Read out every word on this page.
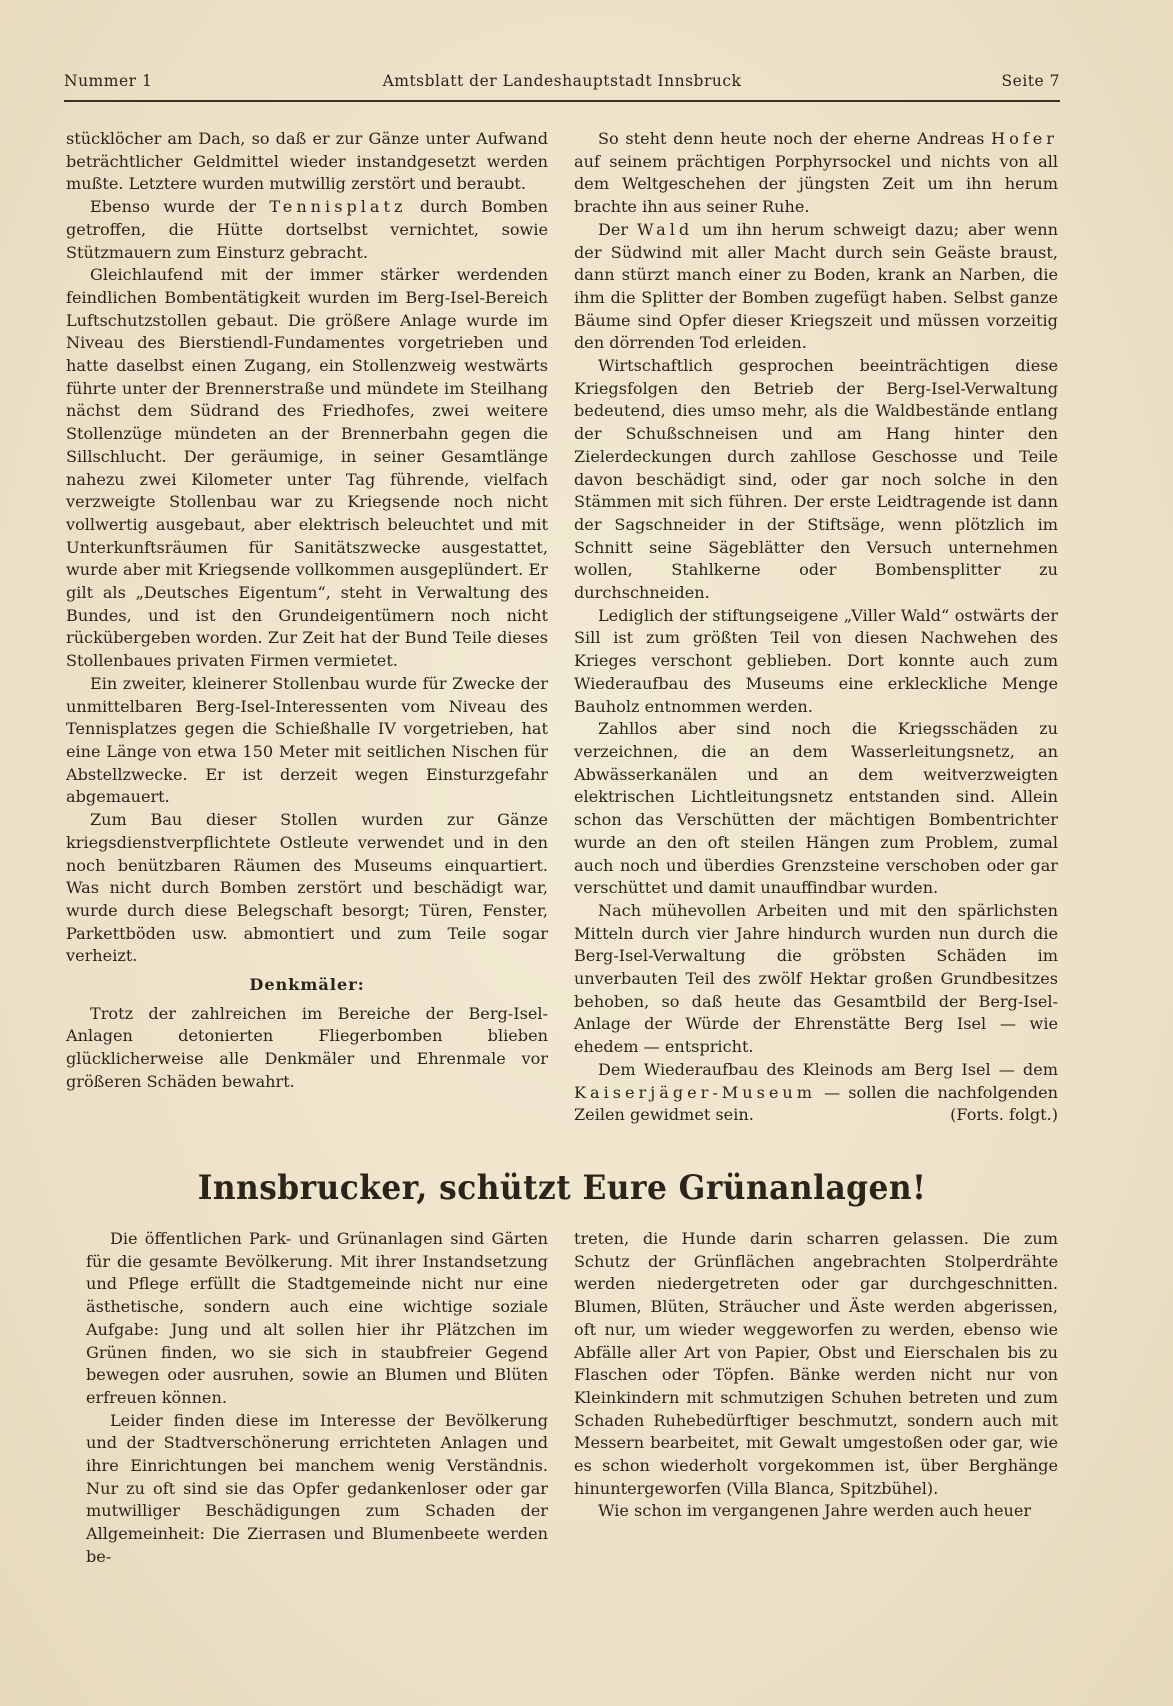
Nummer 1	Amtsblatt der Landeshauptstadt Innsbruck	Seite 7

stücklöcher am Dach, so daß er zur Gänze unter Aufwand beträchtlicher Geldmittel wieder instandgesetzt werden mußte. Letztere wurden mutwillig zerstört und beraubt.

Ebenso wurde der Tennisplatz durch Bomben getroffen, die Hütte dortselbst vernichtet, sowie Stützmauern zum Einsturz gebracht.

Gleichlaufend mit der immer stärker werdenden feindlichen Bombentätigkeit wurden im Berg-Isel-Bereich Luftschutzstollen gebaut. Die größere Anlage wurde im Niveau des Bierstiendl-Fundamentes vorgetrieben und hatte daselbst einen Zugang, ein Stollenzweig westwärts führte unter der Brennerstraße und mündete im Steilhang nächst dem Südrand des Friedhofes, zwei weitere Stollenzüge mündeten an der Brennerbahn gegen die Sillschlucht. Der geräumige, in seiner Gesamtlänge nahezu zwei Kilometer unter Tag führende, vielfach verzweigte Stollenbau war zu Kriegsende noch nicht vollwertig ausgebaut, aber elektrisch beleuchtet und mit Unterkunftsräumen für Sanitätszwecke ausgestattet, wurde aber mit Kriegsende vollkommen ausgeplündert. Er gilt als „Deutsches Eigentum“, steht in Verwaltung des Bundes, und ist den Grundeigentümern noch nicht rückübergeben worden. Zur Zeit hat der Bund Teile dieses Stollenbaues privaten Firmen vermietet.

Ein zweiter, kleinerer Stollenbau wurde für Zwecke der unmittelbaren Berg-Isel-Interessenten vom Niveau des Tennisplatzes gegen die Schießhalle IV vorgetrieben, hat eine Länge von etwa 150 Meter mit seitlichen Nischen für Abstellzwecke. Er ist derzeit wegen Einsturzgefahr abgemauert.

Zum Bau dieser Stollen wurden zur Gänze kriegsdienstverpflichtete Ostleute verwendet und in den noch benützbaren Räumen des Museums einquartiert. Was nicht durch Bomben zerstört und beschädigt war, wurde durch diese Belegschaft besorgt; Türen, Fenster, Parkettböden usw. abmontiert und zum Teile sogar verheizt.

Denkmäler:

Trotz der zahlreichen im Bereiche der Berg-Isel-Anlagen detonierten Fliegerbomben blieben glücklicherweise alle Denkmäler und Ehrenmale vor größeren Schäden bewahrt.

So steht denn heute noch der eherne Andreas Hofer auf seinem prächtigen Porphyrsockel und nichts von all dem Weltgeschehen der jüngsten Zeit um ihn herum brachte ihn aus seiner Ruhe.

Der Wald um ihn herum schweigt dazu; aber wenn der Südwind mit aller Macht durch sein Geäste braust, dann stürzt manch einer zu Boden, krank an Narben, die ihm die Splitter der Bomben zugefügt haben. Selbst ganze Bäume sind Opfer dieser Kriegszeit und müssen vorzeitig den dörrenden Tod erleiden.

Wirtschaftlich gesprochen beeinträchtigen diese Kriegsfolgen den Betrieb der Berg-Isel-Verwaltung bedeutend, dies umso mehr, als die Waldbestände entlang der Schußschneisen und am Hang hinter den Zielerdeckungen durch zahllose Geschosse und Teile davon beschädigt sind, oder gar noch solche in den Stämmen mit sich führen. Der erste Leidtragende ist dann der Sagschneider in der Stiftsäge, wenn plötzlich im Schnitt seine Sägeblätter den Versuch unternehmen wollen, Stahlkerne oder Bombensplitter zu durchschneiden.

Lediglich der stiftungseigene „Viller Wald“ ostwärts der Sill ist zum größten Teil von diesen Nachwehen des Krieges verschont geblieben. Dort konnte auch zum Wiederaufbau des Museums eine erkleckliche Menge Bauholz entnommen werden.

Zahllos aber sind noch die Kriegsschäden zu verzeichnen, die an dem Wasserleitungsnetz, an Abwässerkanälen und an dem weitverzweigten elektrischen Lichtleitungsnetz entstanden sind. Allein schon das Verschütten der mächtigen Bombentrichter wurde an den oft steilen Hängen zum Problem, zumal auch noch und überdies Grenzsteine verschoben oder gar verschüttet und damit unauffindbar wurden.

Nach mühevollen Arbeiten und mit den spärlichsten Mitteln durch vier Jahre hindurch wurden nun durch die Berg-Isel-Verwaltung die gröbsten Schäden im unverbauten Teil des zwölf Hektar großen Grundbesitzes behoben, so daß heute das Gesamtbild der Berg-Isel-Anlage der Würde der Ehrenstätte Berg Isel — wie ehedem — entspricht.

Dem Wiederaufbau des Kleinods am Berg Isel — dem Kaiserjäger-Museum — sollen die nachfolgenden Zeilen gewidmet sein.	(Forts. folgt.)

Innsbrucker, schützt Eure Grünanlagen!

Die öffentlichen Park- und Grünanlagen sind Gärten für die gesamte Bevölkerung. Mit ihrer Instandsetzung und Pflege erfüllt die Stadtgemeinde nicht nur eine ästhetische, sondern auch eine wichtige soziale Aufgabe: Jung und alt sollen hier ihr Plätzchen im Grünen finden, wo sie sich in staubfreier Gegend bewegen oder ausruhen, sowie an Blumen und Blüten erfreuen können.

Leider finden diese im Interesse der Bevölkerung und der Stadtverschönerung errichteten Anlagen und ihre Einrichtungen bei manchem wenig Verständnis. Nur zu oft sind sie das Opfer gedankenloser oder gar mutwilliger Beschädigungen zum Schaden der Allgemeinheit: Die Zierrasen und Blumenbeete werden be-

treten, die Hunde darin scharren gelassen. Die zum Schutz der Grünflächen angebrachten Stolperdrähte werden niedergetreten oder gar durchgeschnitten. Blumen, Blüten, Sträucher und Äste werden abgerissen, oft nur, um wieder weggeworfen zu werden, ebenso wie Abfälle aller Art von Papier, Obst und Eierschalen bis zu Flaschen oder Töpfen. Bänke werden nicht nur von Kleinkindern mit schmutzigen Schuhen betreten und zum Schaden Ruhebedürftiger beschmutzt, sondern auch mit Messern bearbeitet, mit Gewalt umgestoßen oder gar, wie es schon wiederholt vorgekommen ist, über Berghänge hinuntergeworfen (Villa Blanca, Spitzbühel).

Wie schon im vergangenen Jahre werden auch heuer
